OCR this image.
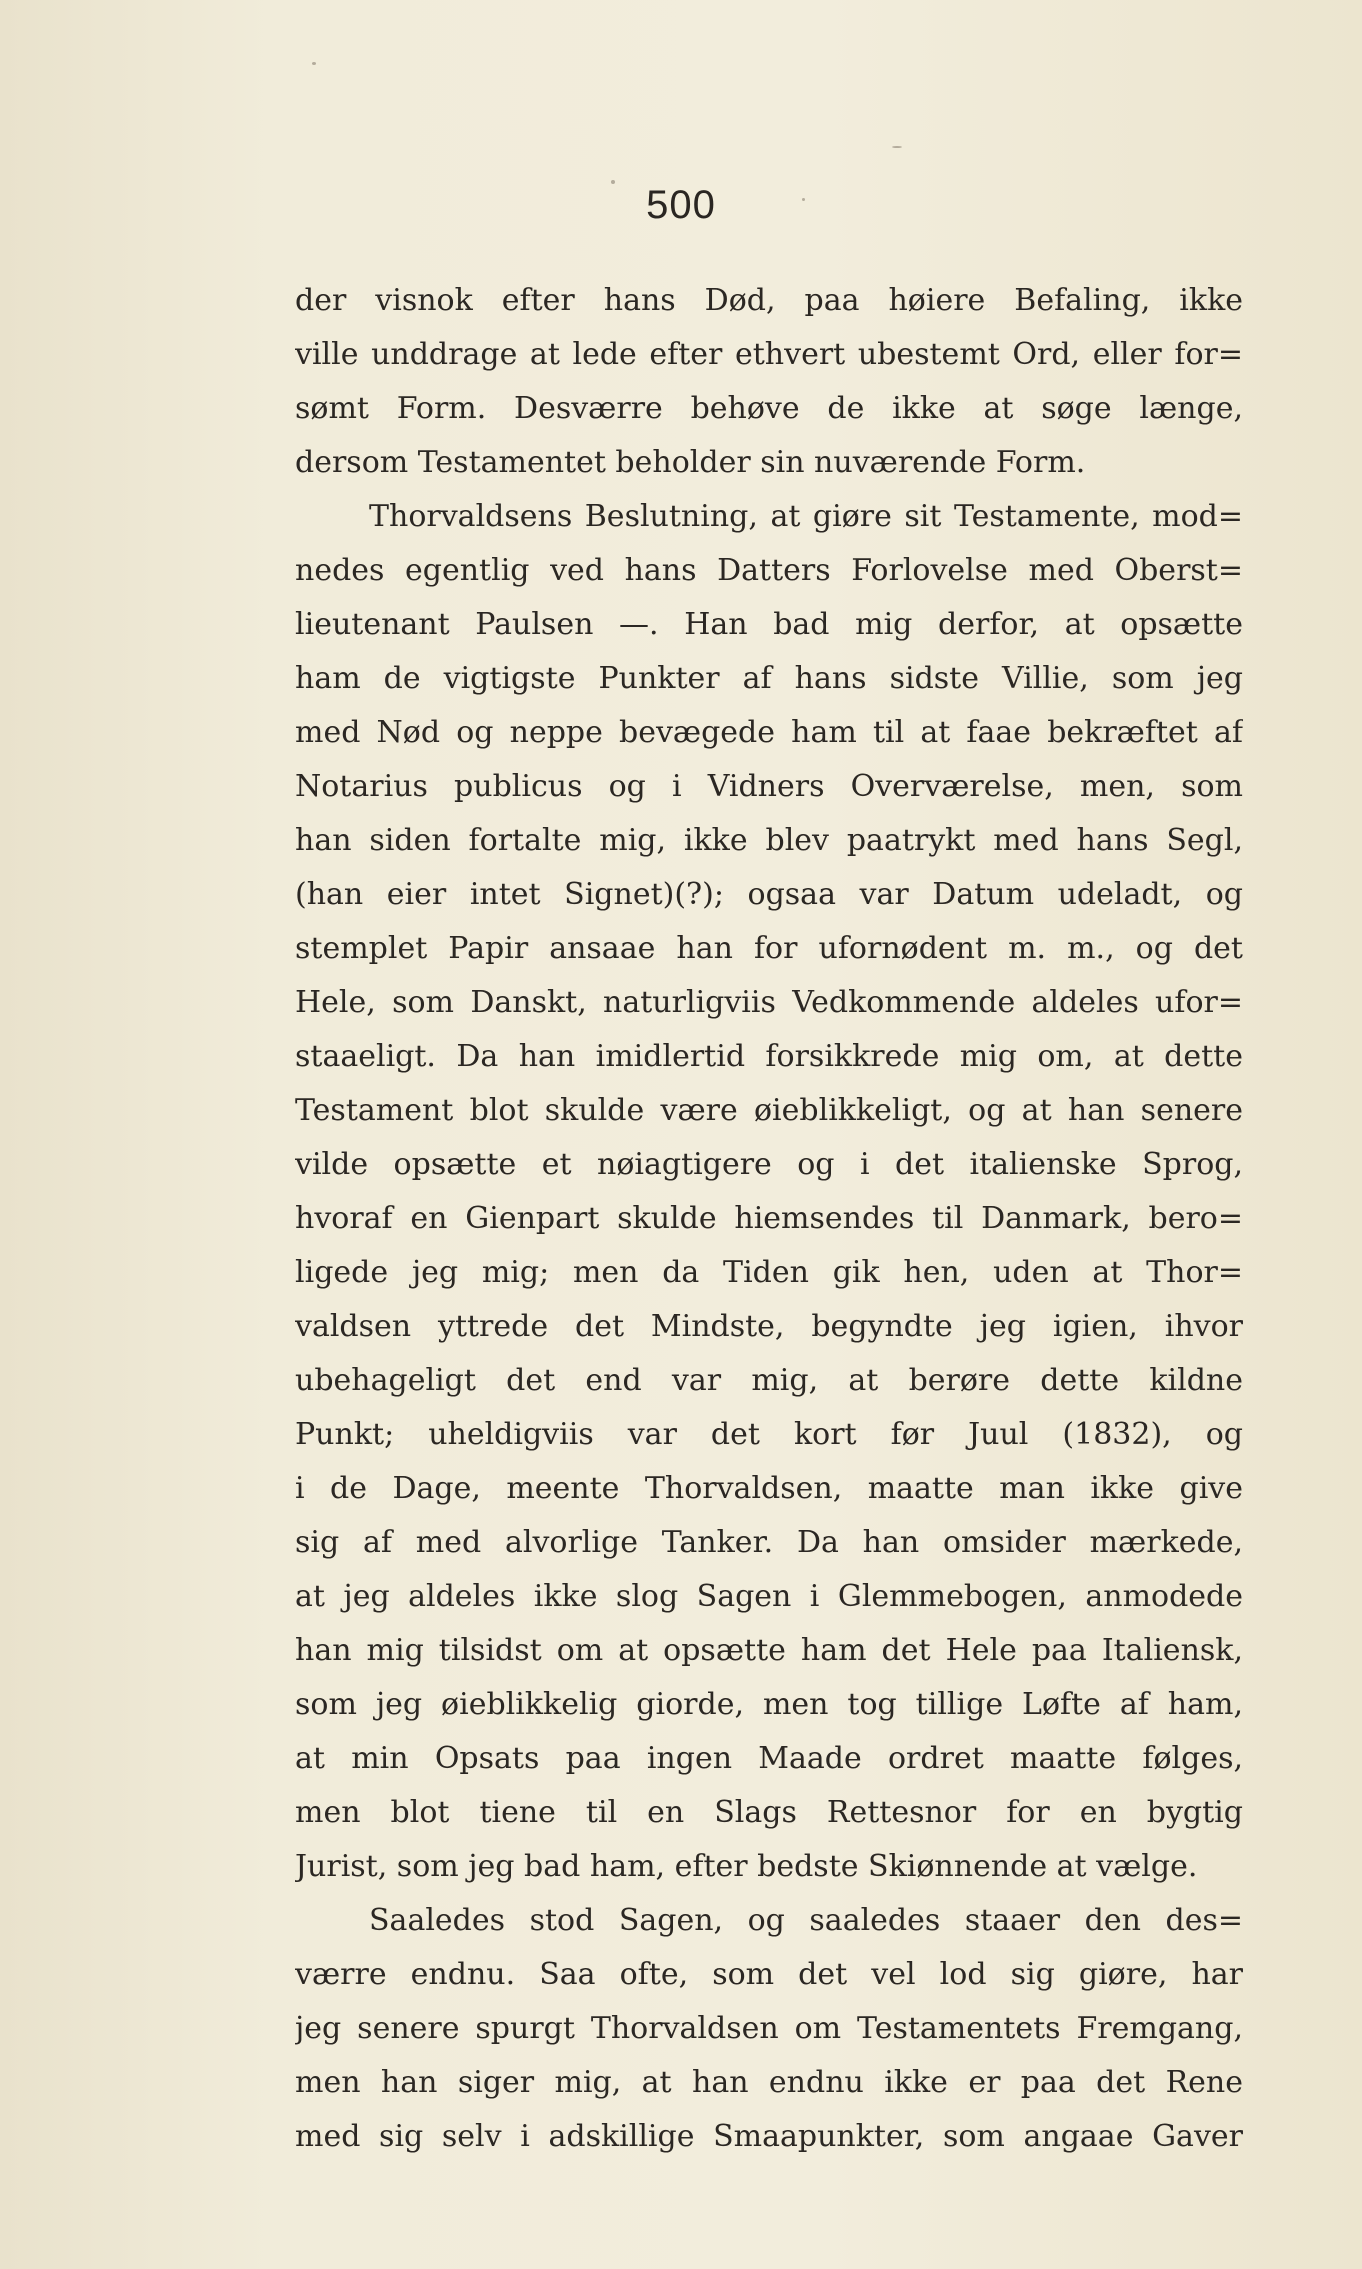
500
der visnok efter hans Død, paa høiere Befaling, ikke
ville unddrage at lede efter ethvert ubestemt Ord, eller for=
sømt Form. Desværre behøve de ikke at søge længe,
dersom Testamentet beholder sin nuværende Form.
Thorvaldsens Beslutning, at giøre sit Testamente, mod=
nedes egentlig ved hans Datters Forlovelse med Oberst=
lieutenant Paulsen —. Han bad mig derfor, at opsætte
ham de vigtigste Punkter af hans sidste Villie, som jeg
med Nød og neppe bevægede ham til at faae bekræftet af
Notarius publicus og i Vidners Overværelse, men, som
han siden fortalte mig, ikke blev paatrykt med hans Segl,
(han eier intet Signet)(?); ogsaa var Datum udeladt, og
stemplet Papir ansaae han for ufornødent m. m., og det
Hele, som Danskt, naturligviis Vedkommende aldeles ufor=
staaeligt. Da han imidlertid forsikkrede mig om, at dette
Testament blot skulde være øieblikkeligt, og at han senere
vilde opsætte et nøiagtigere og i det italienske Sprog,
hvoraf en Gienpart skulde hiemsendes til Danmark, bero=
ligede jeg mig; men da Tiden gik hen, uden at Thor=
valdsen yttrede det Mindste, begyndte jeg igien, ihvor
ubehageligt det end var mig, at berøre dette kildne
Punkt; uheldigviis var det kort før Juul (1832), og
i de Dage, meente Thorvaldsen, maatte man ikke give
sig af med alvorlige Tanker. Da han omsider mærkede,
at jeg aldeles ikke slog Sagen i Glemmebogen, anmodede
han mig tilsidst om at opsætte ham det Hele paa Italiensk,
som jeg øieblikkelig giorde, men tog tillige Løfte af ham,
at min Opsats paa ingen Maade ordret maatte følges,
men blot tiene til en Slags Rettesnor for en bygtig
Jurist, som jeg bad ham, efter bedste Skiønnende at vælge.
Saaledes stod Sagen, og saaledes staaer den des=
værre endnu. Saa ofte, som det vel lod sig giøre, har
jeg senere spurgt Thorvaldsen om Testamentets Fremgang,
men han siger mig, at han endnu ikke er paa det Rene
med sig selv i adskillige Smaapunkter, som angaae Gaver
